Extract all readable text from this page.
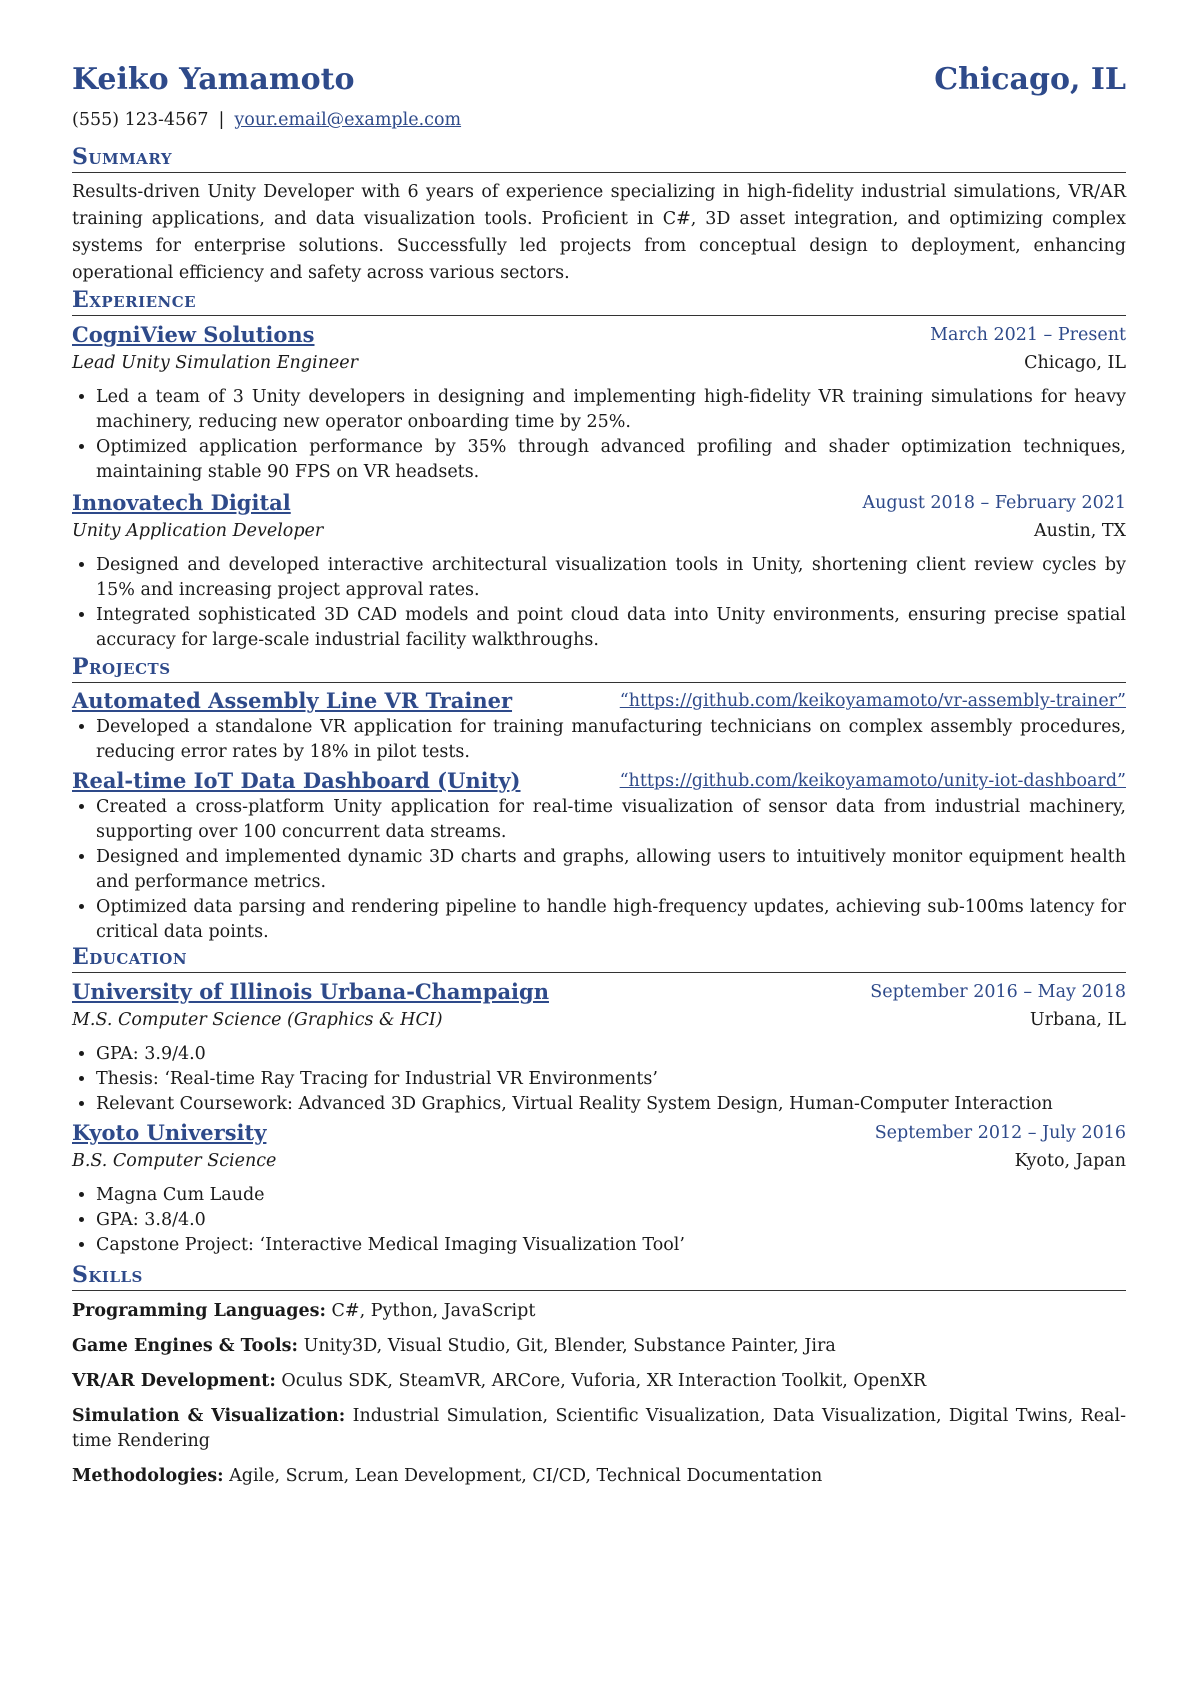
Keiko Yamamoto	Chicago, IL
(555) 123-4567 | your.email@example.com
Summary

Results-driven Unity Developer with 6 years of experience specializing in high-fidelity industrial simulations, VR/AR training applications, and data visualization tools. Proficient in C#, 3D asset integration, and optimizing complex systems for enterprise solutions. Successfully led projects from conceptual design to deployment, enhancing operational efficiency and safety across various sectors.

Experience
CogniView Solutions	March 2021 – Present
Lead Unity Simulation Engineer	Chicago, IL
• Led a team of 3 Unity developers in designing and implementing high-fidelity VR training simulations for heavy machinery, reducing new operator onboarding time by 25%.
• Optimized application performance by 35% through advanced profiling and shader optimization techniques, maintaining stable 90 FPS on VR headsets.
Innovatech Digital	August 2018 – February 2021
Unity Application Developer	Austin, TX
• Designed and developed interactive architectural visualization tools in Unity, shortening client review cycles by 15% and increasing project approval rates.
• Integrated sophisticated 3D CAD models and point cloud data into Unity environments, ensuring precise spatial accuracy for large-scale industrial facility walkthroughs.
Projects
Automated Assembly Line VR Trainer	“https://github.com/keikoyamamoto/vr-assembly-trainer”
• Developed a standalone VR application for training manufacturing technicians on complex assembly procedures, reducing error rates by 18% in pilot tests.
Real-time IoT Data Dashboard (Unity)	“https://github.com/keikoyamamoto/unity-iot-dashboard”
• Created a cross-platform Unity application for real-time visualization of sensor data from industrial machinery, supporting over 100 concurrent data streams.
• Designed and implemented dynamic 3D charts and graphs, allowing users to intuitively monitor equipment health and performance metrics.
• Optimized data parsing and rendering pipeline to handle high-frequency updates, achieving sub-100ms latency for critical data points.
Education
University of Illinois Urbana-Champaign	September 2016 – May 2018
M.S. Computer Science (Graphics & HCI)	Urbana, IL
• GPA: 3.9/4.0
• Thesis: ‘Real-time Ray Tracing for Industrial VR Environments’
• Relevant Coursework: Advanced 3D Graphics, Virtual Reality System Design, Human-Computer Interaction
Kyoto University	September 2012 – July 2016
B.S. Computer Science	Kyoto, Japan
• Magna Cum Laude
• GPA: 3.8/4.0
• Capstone Project: ‘Interactive Medical Imaging Visualization Tool’
Skills

Programming Languages: C#, Python, JavaScript

Game Engines & Tools: Unity3D, Visual Studio, Git, Blender, Substance Painter, Jira

VR/AR Development: Oculus SDK, SteamVR, ARCore, Vuforia, XR Interaction Toolkit, OpenXR

Simulation & Visualization: Industrial Simulation, Scientific Visualization, Data Visualization, Digital Twins, Real-time Rendering

Methodologies: Agile, Scrum, Lean Development, CI/CD, Technical Documentation
